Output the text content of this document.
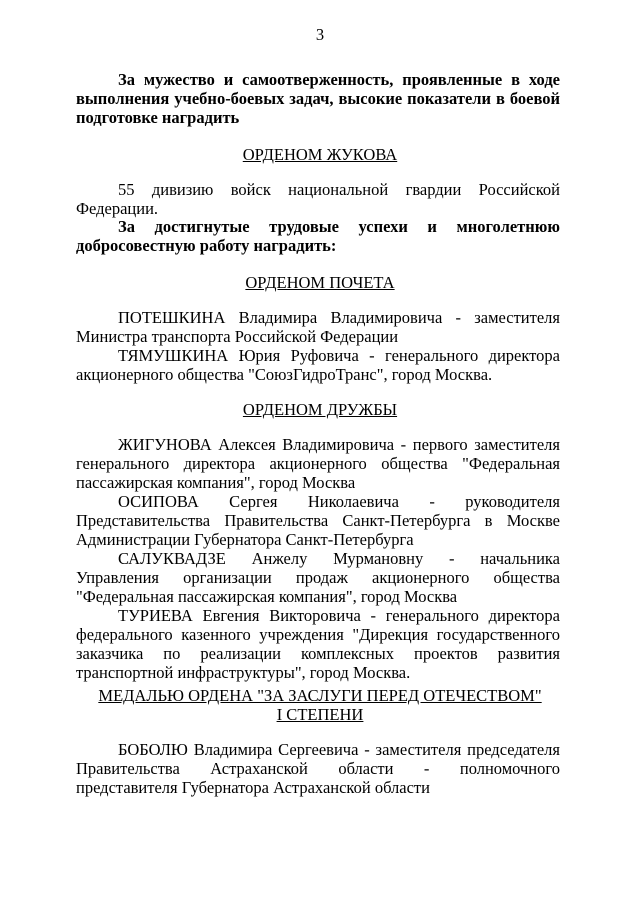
3
За мужество и самоотверженность, проявленные в ходе выполнения учебно-боевых задач, высокие показатели в боевой подготовке наградить
ОРДЕНОМ ЖУКОВА
55 дивизию войск национальной гвардии Российской Федерации.
За достигнутые трудовые успехи и многолетнюю добросовестную работу наградить:
ОРДЕНОМ ПОЧЕТА

ПОТЕШКИНА Владимира Владимировича - заместителя Министра транспорта Российской Федерации

ТЯМУШКИНА Юрия Руфовича - генерального директора акционерного общества "СоюзГидроТранс", город Москва.

ОРДЕНОМ ДРУЖБЫ

ЖИГУНОВА Алексея Владимировича - первого заместителя генерального директора акционерного общества "Федеральная пассажирская компания", город Москва

ОСИПОВА Сергея Николаевича - руководителя Представительства Правительства Санкт-Петербурга в Москве Администрации Губернатора Санкт-Петербурга

САЛУКВАДЗЕ Анжелу Мурмановну - начальника Управления организации продаж акционерного общества "Федеральная пассажирская компания", город Москва

ТУРИЕВА Евгения Викторовича - генерального директора федерального казенного учреждения "Дирекция государственного заказчика по реализации комплексных проектов развития транспортной инфраструктуры", город Москва.

МЕДАЛЬЮ ОРДЕНА "ЗА ЗАСЛУГИ ПЕРЕД ОТЕЧЕСТВОМ"
I СТЕПЕНИ

БОБОЛЮ Владимира Сергеевича - заместителя председателя Правительства Астраханской области - полномочного представителя Губернатора Астраханской области
